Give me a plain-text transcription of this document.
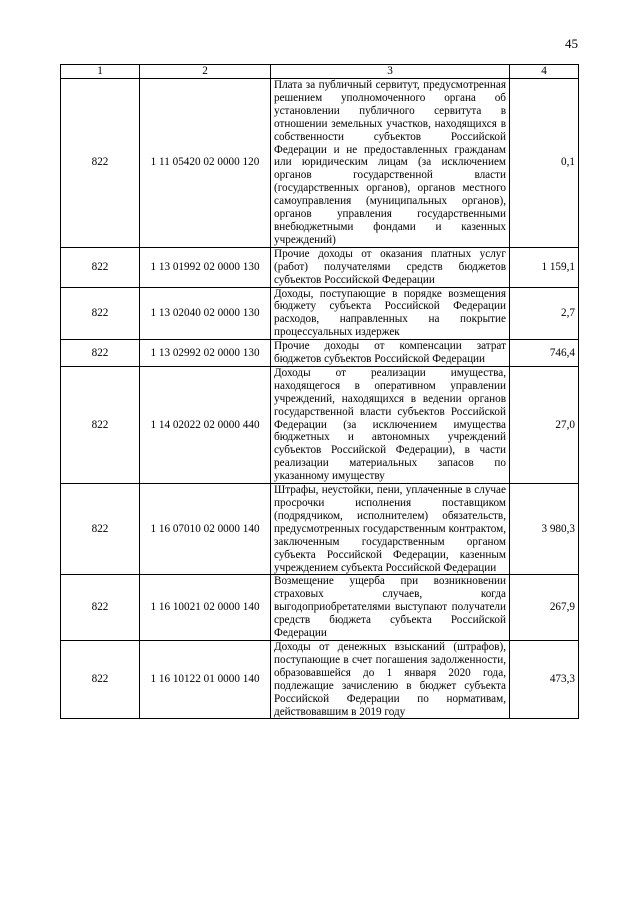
45
1	2	3	4
822	1 11 05420 02 0000 120	Плата за публичный сервитут, предусмотренная решением уполномоченного органа об установлении публичного сервитута в отношении земельных участков, находящихся в собственности субъектов Российской Федерации и не предоставленных гражданам или юридическим лицам (за исключением органов государственной власти (государственных органов), органов местного самоуправления (муниципальных органов), органов управления государственными внебюджетными фондами и казенных учреждений)	0,1
822	1 13 01992 02 0000 130	Прочие доходы от оказания платных услуг (работ) получателями средств бюджетов субъектов Российской Федерации	1 159,1
822	1 13 02040 02 0000 130	Доходы, поступающие в порядке возмещения бюджету субъекта Российской Федерации расходов, направленных на покрытие процессуальных издержек	2,7
822	1 13 02992 02 0000 130	Прочие доходы от компенсации затрат бюджетов субъектов Российской Федерации	746,4
822	1 14 02022 02 0000 440	Доходы от реализации имущества, находящегося в оперативном управлении учреждений, находящихся в ведении органов государственной власти субъектов Российской Федерации (за исключением имущества бюджетных и автономных учреждений субъектов Российской Федерации), в части реализации материальных запасов по указанному имуществу	27,0
822	1 16 07010 02 0000 140	Штрафы, неустойки, пени, уплаченные в случае просрочки исполнения поставщиком (подрядчиком, исполнителем) обязательств, предусмотренных государственным контрактом, заключенным государственным органом субъекта Российской Федерации, казенным учреждением субъекта Российской Федерации	3 980,3
822	1 16 10021 02 0000 140	Возмещение ущерба при возникновении страховых случаев, когда выгодоприобретателями выступают получатели средств бюджета субъекта Российской Федерации	267,9
822	1 16 10122 01 0000 140	Доходы от денежных взысканий (штрафов), поступающие в счет погашения задолженности, образовавшейся до 1 января 2020 года, подлежащие зачислению в бюджет субъекта Российской Федерации по нормативам, действовавшим в 2019 году	473,3
